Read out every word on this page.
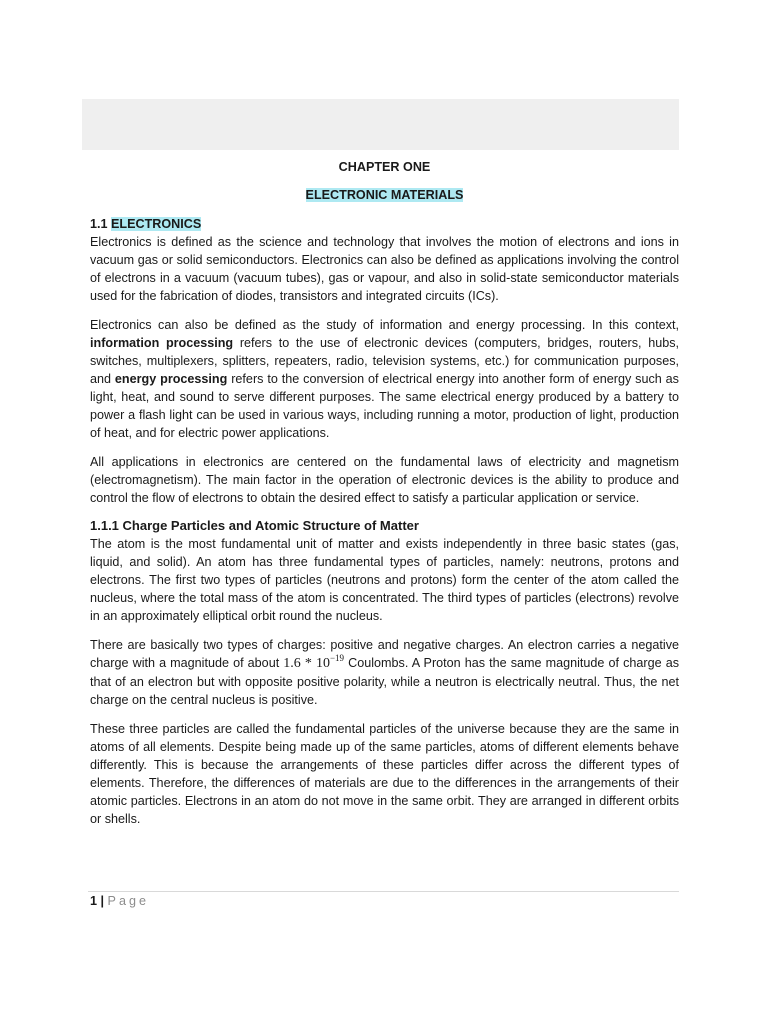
CHAPTER ONE
ELECTRONIC MATERIALS
1.1 ELECTRONICS

Electronics is defined as the science and technology that involves the motion of electrons and ions in vacuum gas or solid semiconductors. Electronics can also be defined as applications involving the control of electrons in a vacuum (vacuum tubes), gas or vapour, and also in solid-state semiconductor materials used for the fabrication of diodes, transistors and integrated circuits (ICs).

Electronics can also be defined as the study of information and energy processing. In this context, information processing refers to the use of electronic devices (computers, bridges, routers, hubs, switches, multiplexers, splitters, repeaters, radio, television systems, etc.) for communication purposes, and energy processing refers to the conversion of electrical energy into another form of energy such as light, heat, and sound to serve different purposes. The same electrical energy produced by a battery to power a flash light can be used in various ways, including running a motor, production of light, production of heat, and for electric power applications.

All applications in electronics are centered on the fundamental laws of electricity and magnetism (electromagnetism). The main factor in the operation of electronic devices is the ability to produce and control the flow of electrons to obtain the desired effect to satisfy a particular application or service.

1.1.1 Charge Particles and Atomic Structure of Matter

The atom is the most fundamental unit of matter and exists independently in three basic states (gas, liquid, and solid). An atom has three fundamental types of particles, namely: neutrons, protons and electrons. The first two types of particles (neutrons and protons) form the center of the atom called the nucleus, where the total mass of the atom is concentrated. The third types of particles (electrons) revolve in an approximately elliptical orbit round the nucleus.

There are basically two types of charges: positive and negative charges. An electron carries a negative charge with a magnitude of about $1.6 * 10^{-19}$ Coulombs. A Proton has the same magnitude of charge as that of an electron but with opposite positive polarity, while a neutron is electrically neutral. Thus, the net charge on the central nucleus is positive.

These three particles are called the fundamental particles of the universe because they are the same in atoms of all elements. Despite being made up of the same particles, atoms of different elements behave differently. This is because the arrangements of these particles differ across the different types of elements. Therefore, the differences of materials are due to the differences in the arrangements of their atomic particles. Electrons in an atom do not move in the same orbit. They are arranged in different orbits or shells.

1 | Page
